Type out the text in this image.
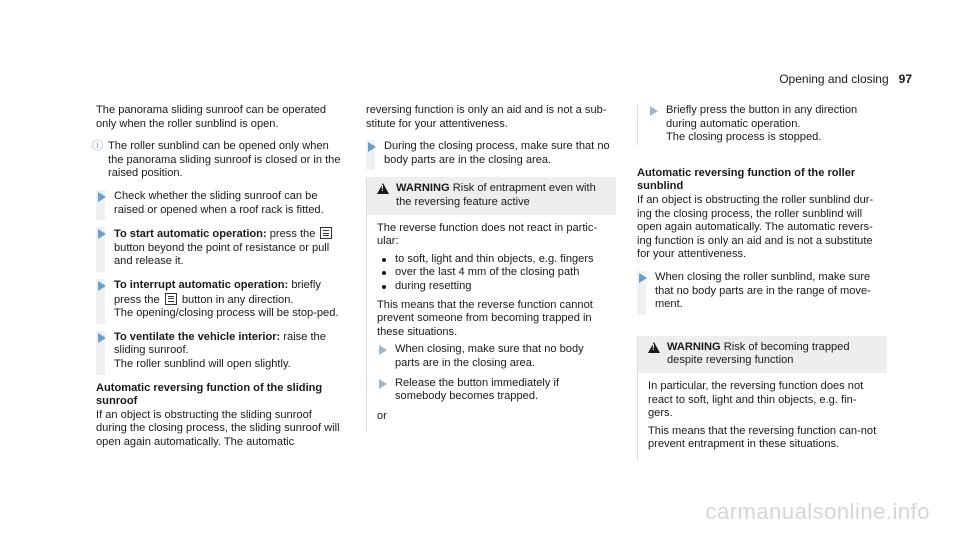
Opening and closing 97

The panorama sliding sunroof can be operated only when the roller sunblind is open.

ⓘ The roller sunblind can be opened only when the panorama sliding sunroof is closed or in the raised position.
Check whether the sliding sunroof can be raised or opened when a roof rack is fitted.
To start automatic operation: press the  button beyond the point of resistance or pull and release it.
To interrupt automatic operation: briefly press the button in any direction.
The opening/closing process will be stop-ped.
To ventilate the vehicle interior: raise the sliding sunroof.
The roller sunblind will open slightly.
Automatic reversing function of the sliding sunroof

If an object is obstructing the sliding sunroof during the closing process, the sliding sunroof will open again automatically. The automatic

reversing function is only an aid and is not a sub-stitute for your attentiveness.

During the closing process, make sure that no body parts are in the closing area.
!
WARNING Risk of entrapment even with the reversing feature active

The reverse function does not react in partic-ular:

to soft, light and thin objects, e.g. fingers
over the last 4 mm of the closing path
during resetting

This means that the reverse function cannot prevent someone from becoming trapped in these situations.

When closing, make sure that no body parts are in the closing area.
Release the button immediately if somebody becomes trapped.

or

Briefly press the button in any direction during automatic operation.
The closing process is stopped.
Automatic reversing function of the roller sunblind

If an object is obstructing the roller sunblind dur-ing the closing process, the roller sunblind will open again automatically. The automatic revers-ing function is only an aid and is not a substitute for your attentiveness.

When closing the roller sunblind, make sure that no body parts are in the range of move-ment.
!
WARNING Risk of becoming trapped despite reversing function

In particular, the reversing function does not react to soft, light and thin objects, e.g. fin-gers.

This means that the reversing function can-not prevent entrapment in these situations.

carmanualsonline.info
